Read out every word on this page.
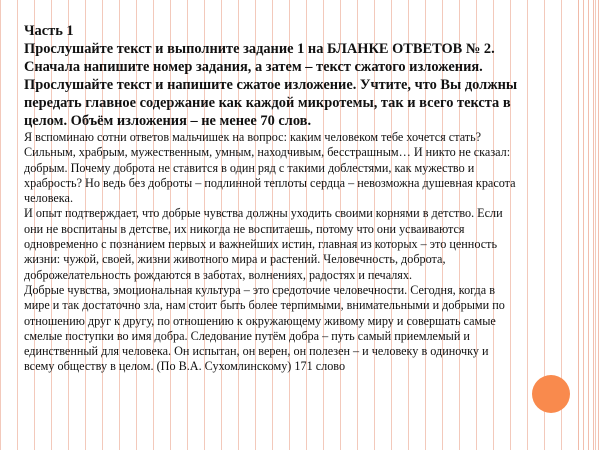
Часть 1

Прослушайте текст и выполните задание 1 на БЛАНКЕ ОТВЕТОВ № 2.
Сначала напишите номер задания, а затем – текст сжатого изложения.
Прослушайте текст и напишите сжатое изложение. Учтите, что Вы должны
передать главное содержание как каждой микротемы, так и всего текста в
целом. Объём изложения – не менее 70 слов.

Я вспоминаю сотни ответов мальчишек на вопрос: каким человеком тебе хочется стать?
Сильным, храбрым, мужественным, умным, находчивым, бесстрашным… И никто не сказал:
добрым. Почему доброта не ставится в один ряд с такими доблестями, как мужество и
храбрость? Но ведь без доброты – подлинной теплоты сердца – невозможна душевная красота
человека.

И опыт подтверждает, что добрые чувства должны уходить своими корнями в детство. Если
они не воспитаны в детстве, их никогда не воспитаешь, потому что они усваиваются
одновременно с познанием первых и важнейших истин, главная из которых – это ценность
жизни: чужой, своей, жизни животного мира и растений. Человечность, доброта,
доброжелательность рождаются в заботах, волнениях, радостях и печалях.

Добрые чувства, эмоциональная культура – это средоточие человечности. Сегодня, когда в
мире и так достаточно зла, нам стоит быть более терпимыми, внимательными и добрыми по
отношению друг к другу, по отношению к окружающему живому миру и совершать самые
смелые поступки во имя добра. Следование путём добра – путь самый приемлемый и
единственный для человека. Он испытан, он верен, он полезен – и человеку в одиночку и
всему обществу в целом. (По В.А. Сухомлинскому) 171 слово
